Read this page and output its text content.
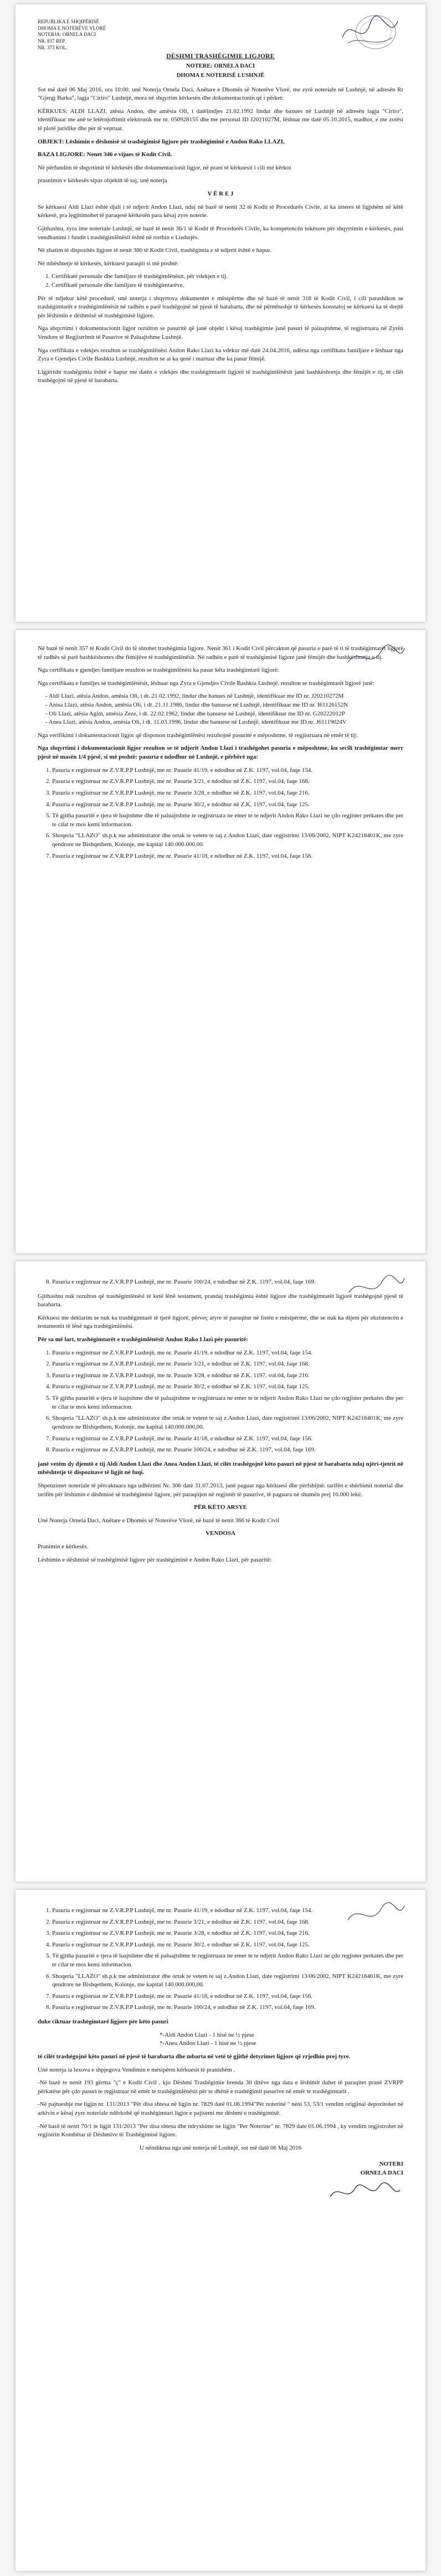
REPUBLIKA E SHQIPËRISË
DHOMA E NOTERËVE VLORË
NOTERJA: ORNELA DACI
NR. 837 REP.
NR. 373 KOL.
DËSHMI TRASHËGIMIE LIGJORE
NOTERE: ORNELA DACI
DHOMA E NOTERISË LUSHNJË

Sot më datë 06 Maj 2016, ora 10:00, unë Noterja Ornela Daci, Anëtare e Dhomës së Noterëve Vlorë, me zyrë noteriale në Lushnjë, në adresën Rr "Gjergj Barka", lagja "Ciriro" Lushnjë, mora në shqyrtim kërkesën dhe dokumentacionin që i përket:

KËRKUES: ALDI LLAZI, atësia Andon, dhe amësia Oli, i datëlindjes 21.02.1992 lindur dhe banues në Lushnjë në adresën lagja "Ciriro", identifikuar me anë te letërnjoftimit elektronik me nr. 050928155 dhe me personal ID J2021027M, lëshuar me datë 05.10.2015, madhor, e me zotësi të plotë juridike dhe për të vepruar.

OBJEKT: Lëshimin e dëshmisë së trashëgimisë ligjore për trashëgiminë e Andon Rako LLAZI,

BAZA LIGJORE: Nenet 346 e vijues të Kodit Civil.

Në përfundim të shqyrtimit të kërkesës dhe dokumentacionit ligjor, në prani të kërkuesit i cili më kërkoi

prasnimin e kërkesës sipas objektit të saj, unë noterja

V Ë R E J

Se kërkuesi Aldi Llazi është djali i të ndjerit Andon Llazi, ndaj në bazë të nenit 32 të Kodit të Procedurës Civile, ai ka interes të ligjshëm në këtë kërkesë, pra legjitimohet të paraqesë kërkesën para kësaj zyre noterie.

Gjithashtu, zyra ime noteriale Lushnjë, në bazë të nenit 36/1 të Kodit të Procedurës Civile, ka kompetencën tokësore për shqyrtimin e kërkesës, pasi vendbanimi i fundit i trashëgimlënësit është në rrethin e Lushnjës.

Në zbatim të dispozitës ligjore të nenit 380 të Kodit Civil, trashëgimia e të ndjerit është e hapur.

Në mbështetje të kërkesës, kërkuesi paraqiti si më poshtë:

1. Certifikatë personale dhe familjare të trashëgimlënësit, për vdekjen e tij.
2. Certifikatë personale dhe familjare të trashëgimtarëve.

Për të ndjekur këtë procedurë, unë noterja i shqyrtova dokumentet e mësipërme dhe në bazë të nenit 318 të Kodit Civil, i cili parashikon se trashëgimtarët e trashëgimlënësit në radhën e parë trashëgojnë në pjesë të barabarta, dhe në përmbushje të kërkesës konstatoj se kërkuesi ka të drejtë për lëshimin e dëshmisë së trashëgimisë ligjore.

Nga shqyrtimi i dokumentacionit ligjor rezulton se pasuritë që janë objekt i kësaj trashëgimie janë pasuri të paluajtshme, të regjistruara në Zyrën Vendore të Regjistrimit të Pasurive të Paluajtshme Lushnjë.

Nga certifikata e vdekjes rezulton se trashëgimlënësi Andon Rako Llazi ka vdekur më datë 24.04.2016, ndërsa nga certifikata familjare e lëshuar nga Zyra e Gjendjes Civile Bashkia Lushnjë, rezulton se ai ka qenë i martuar dhe ka pasur fëmijë.

Ligjërisht trashëgimia është e hapur me datën e vdekjes dhe trashëgimtarët ligjorë të trashëgimlënësit janë bashkëshortja dhe fëmijët e tij, të cilët trashëgojnë në pjesë të barabarta.

Në bazë të nenit 357 të Kodit Civil do të shtohet trashëgimia ligjore. Nenit 361 i Kodit Civil përcakton që pasuria e parë të ti të trashëgimtarët ligjorë të radhës së parë bashkëshortes dhe fëmijëve të trashëgimlënësit. Në radhën e parë të trashëgimisë ligjore janë fëmijët dhe bashkëshortja e tij.

Nga certifikata e gjendjes familjare rezulton se trashëgimlënësi ka pasur këta trashëgimtarë ligjorë:

Nga certifikata e familjes së trashëgimlënësit, lëshuar nga Zyra e Gjendjes Civile Bashkia Lushnjë, rezulton se trashëgimtarët ligjorë janë:

- Aldi Llazi, atësia Andon, amësia Oli, i dt. 21.02.1992, lindur dhe banues në Lushnjë, identifikuar me ID nr. J20210272M
- Anisa Llazi, atësia Andon, amësia Oli, i dt. 21.11.1986, lindur dhe banuese në Lushnjë, identifikuar me ID nr. I61126152N
- Oli Llazi, atësia Agim, amësia Zeze, i dt. 22.02.1962, lindur dhe banuese në Lushnjë, identifikuar me ID nr. G20222012P
- Anea Llazi, atësia Andon, amësia Oli, i dt. 11.03.1996, lindur dhe banuese në Lushnjë, identifikuar me ID nr. J61119024V

Nga verifikimi i dokumentacionit ligjor që disponon trashëgimlënësi rezultojnë pasuritë e mëposhtme, të regjistruara në emër të tij:

Nga shqyrtimi i dokumentacionit ligjor rezulton se të ndjerit Andon Llazi i trashëgohet pasuria e mëposhtme, ku secili trashëgimtar merr pjesë në masën 1/4 pjesë, si më poshtë: pasuria e ndodhur në Lushnjë, e përbërë nga:

1. Pasuria e regjistruar ne Z.V.R.P.P Lushnjë, me nr. Pasurie 41/19, e ndodhur në Z.K. 1197, vol.04, faqe 154.
2. Pasuria e regjistruar ne Z.V.R.P.P Lushnjë, me nr. Pasurie 3/21, e ndodhur në Z.K. 1197, vol.04, faqe 168.
3. Pasuria e regjistruar ne Z.V.R.P.P Lushnjë, me nr. Pasurie 3/28, e ndodhur në Z.K. 1197, vol.04, faqe 216.
4. Pasuria e regjistruar ne Z.V.R.P.P Lushnjë, me nr. Pasurie 30/2, e ndodhur në Z.K. 1197, vol.04, faqe 125.
5. Të gjitha pasuritë e tjera të luajtshme dhe të paluajtshme te regjistruara ne emer te te ndjerit Andon Rako Llazi ne çdo regjister perkates dhe per te cilat te mos kemi informacion.
6. Shoqeria "LLAZO" sh.p.k me administrator dhe ortak te vetem te saj z.Andon Llazi, date regjistrimi 13/06/2002, NIPT K24218401K, me zyre qendrore ne Bishqethem, Kolonje, me kapital 140.000.000,00.
7. Pasuria e regjistruar ne Z.V.R.P.P Lushnjë, me nr. Pasurie 41/18, e ndodhur në Z.K. 1197, vol.04, faqe 156.
8. Pasuria e regjistruar ne Z.V.R.P.P Lushnjë, me nr. Pasurie 100/24, e ndodhur në Z.K. 1197, vol.04, faqe 169.

Gjithashtu nuk rezulton që trashëgimlënësi të ketë lënë testament, prandaj trashëgimia është ligjore dhe trashëgimtarët ligjorë trashëgojnë pjesë të barabarta.

Kërkuesi me deklarim se nuk ka trashëgimtarë të tjerë ligjorë, përveç atyre të paraqitur në listën e mësipërme, dhe se nuk ka dijeni për ekzistencën e testamentit të lënë nga trashëgimlënësi.

Për sa më lart, trashëgimtarët e trashëgimlënësit Andon Rako Llazi për pasuritë:

1. Pasuria e regjistruar ne Z.V.R.P.P Lushnjë, me nr. Pasurie 41/19, e ndodhur në Z.K. 1197, vol.04, faqe 154.
2. Pasuria e regjistruar ne Z.V.R.P.P Lushnjë, me nr. Pasurie 3/21, e ndodhur në Z.K. 1197, vol.04, faqe 168.
3. Pasuria e regjistruar ne Z.V.R.P.P Lushnjë, me nr. Pasurie 3/28, e ndodhur në Z.K. 1197, vol.04, faqe 216.
4. Pasuria e regjistruar ne Z.V.R.P.P Lushnjë, me nr. Pasurie 30/2, e ndodhur në Z.K. 1197, vol.04, faqe 125.
5. Të gjitha pasuritë e tjera të luajtshme dhe të paluajtshme te regjistruara ne emer te te ndjerit Andon Rako Llazi ne çdo regjister perkates dhe per te cilat te mos kemi informacion.
6. Shoqeria "LLAZO" sh.p.k me administrator dhe ortak te vetem te saj z.Andon Llazi, date regjistrimi 13/06/2002, NIPT K24218401K, me zyre qendrore ne Bishqethem, Kolonje, me kapital 140.000.000,00.
7. Pasuria e regjistruar ne Z.V.R.P.P Lushnjë, me nr. Pasurie 41/18, e ndodhur në Z.K. 1197, vol.04, faqe 156.
8. Pasuria e regjistruar ne Z.V.R.P.P Lushnjë, me nr. Pasurie 100/24, e ndodhur në Z.K. 1197, vol.04, faqe 169.

janë vetëm dy djemtë e tij Aldi Andon Llazi dhe Anea Andon Llazi, të cilët trashëgojnë këto pasuri në pjesë të barabarta ndaj njëri-tjetrit në mbështetje të dispozitave të ligjit në fuqi.

Shpenzimet noteriale të përcaktuara nga udhëzimi Nr. 306 datë 31.07.2013, janë paguar nga kërkuesi dhe përfshijnë: tarifën e shërbimit noterial dhe tarifën për lëshimin e dëshmisë së trashëgimisë ligjore, për paraqitjen në regjistër të pasurive, të paguara në shumën prej 10.000 lekë.

PËR KËTO ARSYE

Unë Noterja Ornela Daci, Anëtare e Dhomës së Noterëve Vlorë, në bazë të nenit 366 të Kodit Civil

VENDOSA

Pranimin e kërkesës.

Lëshimin e dëshmisë së trashëgimisë ligjore për trashëgiminë e Andon Rako Llazi, për pasuritë:

1. Pasuria e regjistruar ne Z.V.R.P.P Lushnjë, me nr. Pasurie 41/19, e ndodhur në Z.K. 1197, vol.04, faqe 154.
2. Pasuria e regjistruar ne Z.V.R.P.P Lushnjë, me nr. Pasurie 3/21, e ndodhur në Z.K. 1197, vol.04, faqe 168.
3. Pasuria e regjistruar ne Z.V.R.P.P Lushnjë, me nr. Pasurie 3/28, e ndodhur në Z.K. 1197, vol.04, faqe 216.
4. Pasuria e regjistruar ne Z.V.R.P.P Lushnjë, me nr. Pasurie 30/2, e ndodhur në Z.K. 1197, vol.04, faqe 125.
5. Të gjitha pasuritë e tjera të luajtshme dhe të paluajtshme te regjistruara ne emer te te ndjerit Andon Rako Llazi ne çdo regjister perkates dhe per te cilat te mos kemi informacion.
6. Shoqeria "LLAZO" sh.p.k me administrator dhe ortak te vetem te saj z.Andon Llazi, date regjistrimi 13/06/2002, NIPT K24218401K, me zyre qendrore ne Bishqethem, Kolonje, me kapital 140.000.000,00.
7. Pasuria e regjistruar ne Z.V.R.P.P Lushnjë, me nr. Pasurie 41/18, e ndodhur në Z.K. 1197, vol.04, faqe 156.
8. Pasuria e regjistruar ne Z.V.R.P.P Lushnjë, me nr. Pasurie 100/24, e ndodhur në Z.K. 1197, vol.04, faqe 169.

duke ciktuar trashëgimtarë ligjore për këto pasuri

*-Aldi Andon Llazi - 1 hisë ne ½ pjese
*-Anea Andon Llazi - 1 hisë ne ½ pjese

të cilët trashëgojnë këto pasuri në pjesë të barabarta dhe mbarta në vetë të gjithë detyrimet ligjore që rrjedhin prej tyre.

Unë noterja ia lexova e shpjegova Vendimin e mësipërm kërkuesit të pranishëm .

-Në bazë te nenit 193 gërma "ç" e Kodit Civil , kjo Dëshmi Trashëgimie brenda 30 ditëve nga data e lëshimit duhet të paraqitet pranë ZVRPP përkatëse për çdo pasuri te regjistruar në emër te trashëgimlënësit për te dhënë e trashëgimit pasurive në emër te trashëgimtarit .

-Në pajtueshje me ligjin nr. 131/2013 "Për disa shtesa në ligjin nr. 7829 datë 01.06.1994"Për noterinë " neni 53, 53/1 vendim origjinal depozitohet në arkivin e kësaj zyre noteriale ndërkohë që trashëgimtari ligjor e pajisemi me dëshmi e trashëgimisë.

-Në bazë të nenit 70/1 te ligjit 131/2013 "Per disa shtesa dhe ndryshime ne ligjin "Per Noterine" nr. 7829 date 01.06.1994 , ky vendim regjistrohet në regjistrin Kombëtar të Dëshmive të Trashëgimisë ligjore.

U nënshkrua nga unë noterja në Lushnjë, sot më datë 06 Maj 2016

NOTERI
ORNELA DACI
